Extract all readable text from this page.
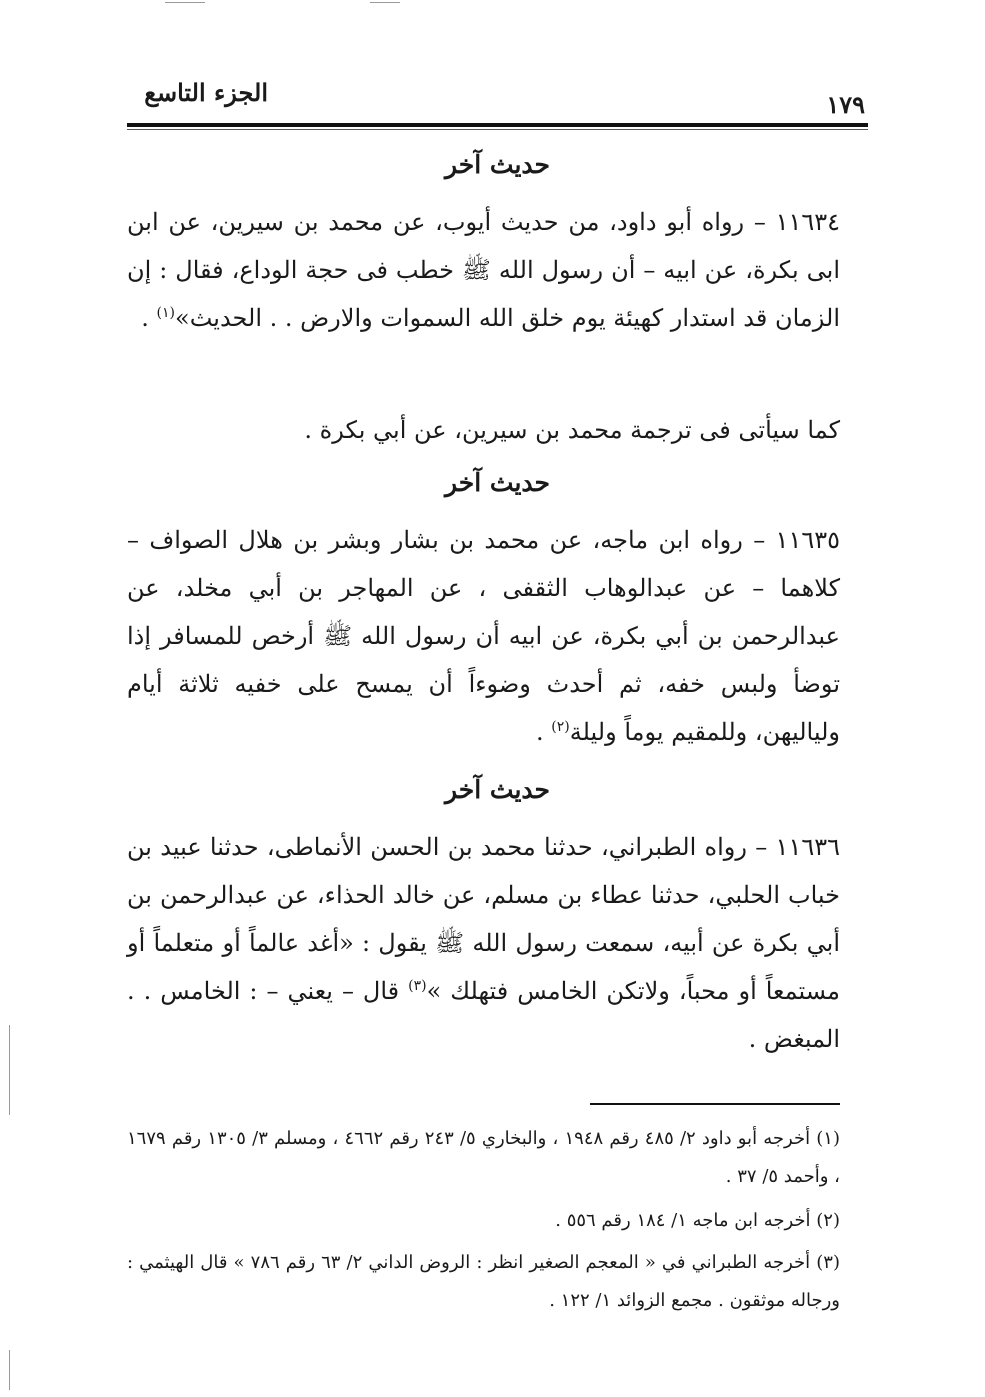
الجزء التاسع	١٧٩
حديث آخر
١١٦٣٤ – رواه أبو داود، من حديث أيوب، عن محمد بن سيرين، عن ابن ابى بكرة، عن ابيه – أن رسول الله ﷺ خطب فى حجة الوداع، فقال : إن الزمان قد استدار كهيئة يوم خلق الله السموات والارض . . الحديث»$^{(١)}$ .
كما سيأتى فى ترجمة محمد بن سيرين، عن أبي بكرة .
حديث آخر
١١٦٣٥ – رواه ابن ماجه، عن محمد بن بشار وبشر بن هلال الصواف – كلاهما – عن عبدالوهاب الثقفى ، عن المهاجر بن أبي مخلد، عن عبدالرحمن بن أبي بكرة، عن ابيه أن رسول الله ﷺ أرخص للمسافر إذا توضأ ولبس خفه، ثم أحدث وضوءاً أن يمسح على خفيه ثلاثة أيام ولياليهن، وللمقيم يوماً وليلة$^{(٢)}$ .
حديث آخر
١١٦٣٦ – رواه الطبراني، حدثنا محمد بن الحسن الأنماطى، حدثنا عبيد بن خباب الحلبي، حدثنا عطاء بن مسلم، عن خالد الحذاء، عن عبدالرحمن بن أبي بكرة عن أبيه، سمعت رسول الله ﷺ يقول : «أغد عالماً أو متعلماً أو مستمعاً أو محباً، ولاتكن الخامس فتهلك »$^{(٣)}$ قال – يعني – : الخامس . . المبغض .
(١) أخرجه أبو داود ٢/ ٤٨٥ رقم ١٩٤٨ ، والبخاري ٥/ ٢٤٣ رقم ٤٦٦٢ ، ومسلم ٣/ ١٣٠٥ رقم ١٦٧٩ ، وأحمد ٥/ ٣٧ .
(٢) أخرجه ابن ماجه ١/ ١٨٤ رقم ٥٥٦ .
(٣) أخرجه الطبراني في « المعجم الصغير انظر : الروض الداني ٢/ ٦٣ رقم ٧٨٦ » قال الهيثمي : ورجاله موثقون . مجمع الزوائد ١/ ١٢٢ .
